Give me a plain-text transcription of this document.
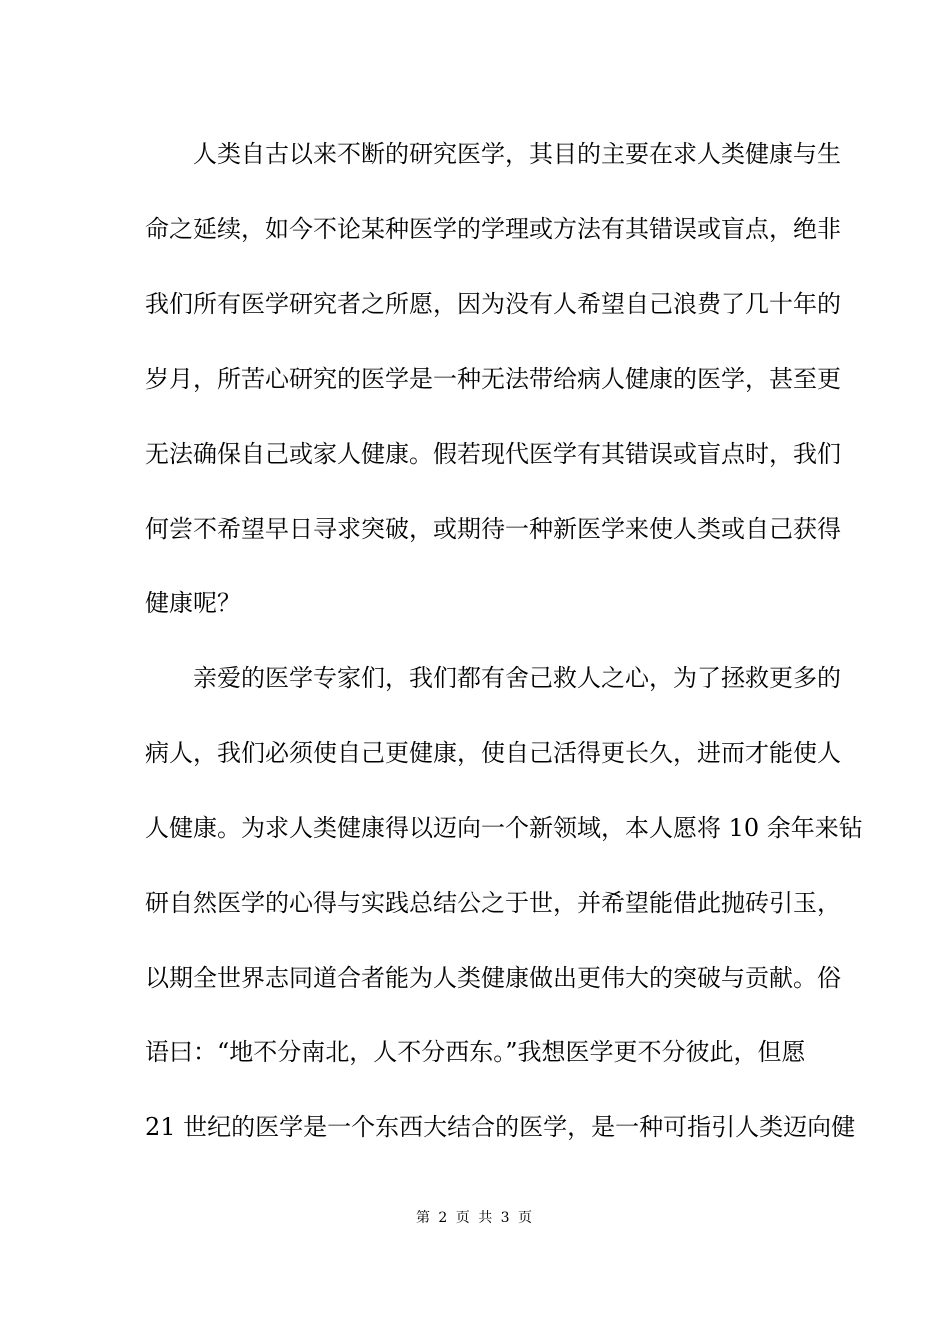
人类自古以来不断的研究医学，其目的主要在求人类健康与生
命之延续，如今不论某种医学的学理或方法有其错误或盲点，绝非
我们所有医学研究者之所愿，因为没有人希望自己浪费了几十年的
岁月，所苦心研究的医学是一种无法带给病人健康的医学，甚至更
无法确保自己或家人健康。假若现代医学有其错误或盲点时，我们
何尝不希望早日寻求突破，或期待一种新医学来使人类或自己获得
健康呢？
亲爱的医学专家们，我们都有舍己救人之心，为了拯救更多的
病人，我们必须使自己更健康，使自己活得更长久，进而才能使人
人健康。为求人类健康得以迈向一个新领域，本人愿将 10 余年来钻
研自然医学的心得与实践总结公之于世，并希望能借此抛砖引玉，
以期全世界志同道合者能为人类健康做出更伟大的突破与贡献。俗
语曰：“地不分南北，人不分西东。”我想医学更不分彼此，但愿
21 世纪的医学是一个东西大结合的医学，是一种可指引人类迈向健
第 2 页 共 3 页
